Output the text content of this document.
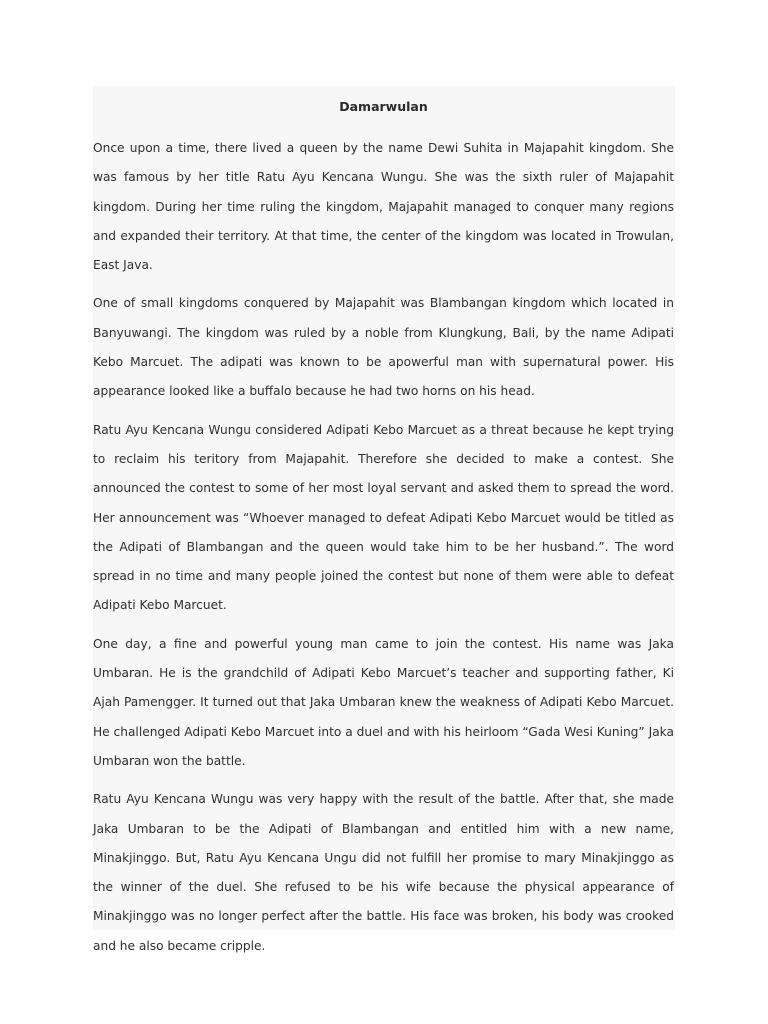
Damarwulan

Once upon a time, there lived a queen by the name Dewi Suhita in Majapahit kingdom. She was famous by her title Ratu Ayu Kencana Wungu. She was the sixth ruler of Majapahit kingdom. During her time ruling the kingdom, Majapahit managed to conquer many regions and expanded their territory. At that time, the center of the kingdom was located in Trowulan, East Java.

One of small kingdoms conquered by Majapahit was Blambangan kingdom which located in Banyuwangi. The kingdom was ruled by a noble from Klungkung, Bali, by the name Adipati Kebo Marcuet. The adipati was known to be apowerful man with supernatural power. His appearance looked like a buffalo because he had two horns on his head.

Ratu Ayu Kencana Wungu considered Adipati Kebo Marcuet as a threat because he kept trying to reclaim his teritory from Majapahit. Therefore she decided to make a contest. She announced the contest to some of her most loyal servant and asked them to spread the word. Her announcement was “Whoever managed to defeat Adipati Kebo Marcuet would be titled as the Adipati of Blambangan and the queen would take him to be her husband.”. The word spread in no time and many people joined the contest but none of them were able to defeat Adipati Kebo Marcuet.

One day, a fine and powerful young man came to join the contest. His name was Jaka Umbaran. He is the grandchild of Adipati Kebo Marcuet’s teacher and supporting father, Ki Ajah Pamengger. It turned out that Jaka Umbaran knew the weakness of Adipati Kebo Marcuet. He challenged Adipati Kebo Marcuet into a duel and with his heirloom “Gada Wesi Kuning” Jaka Umbaran won the battle.

Ratu Ayu Kencana Wungu was very happy with the result of the battle. After that, she made Jaka Umbaran to be the Adipati of Blambangan and entitled him with a new name, Minakjinggo. But, Ratu Ayu Kencana Ungu did not fulfill her promise to mary Minakjinggo as the winner of the duel. She refused to be his wife because the physical appearance of Minakjinggo was no longer perfect after the battle. His face was broken, his body was crooked and he also became cripple.
